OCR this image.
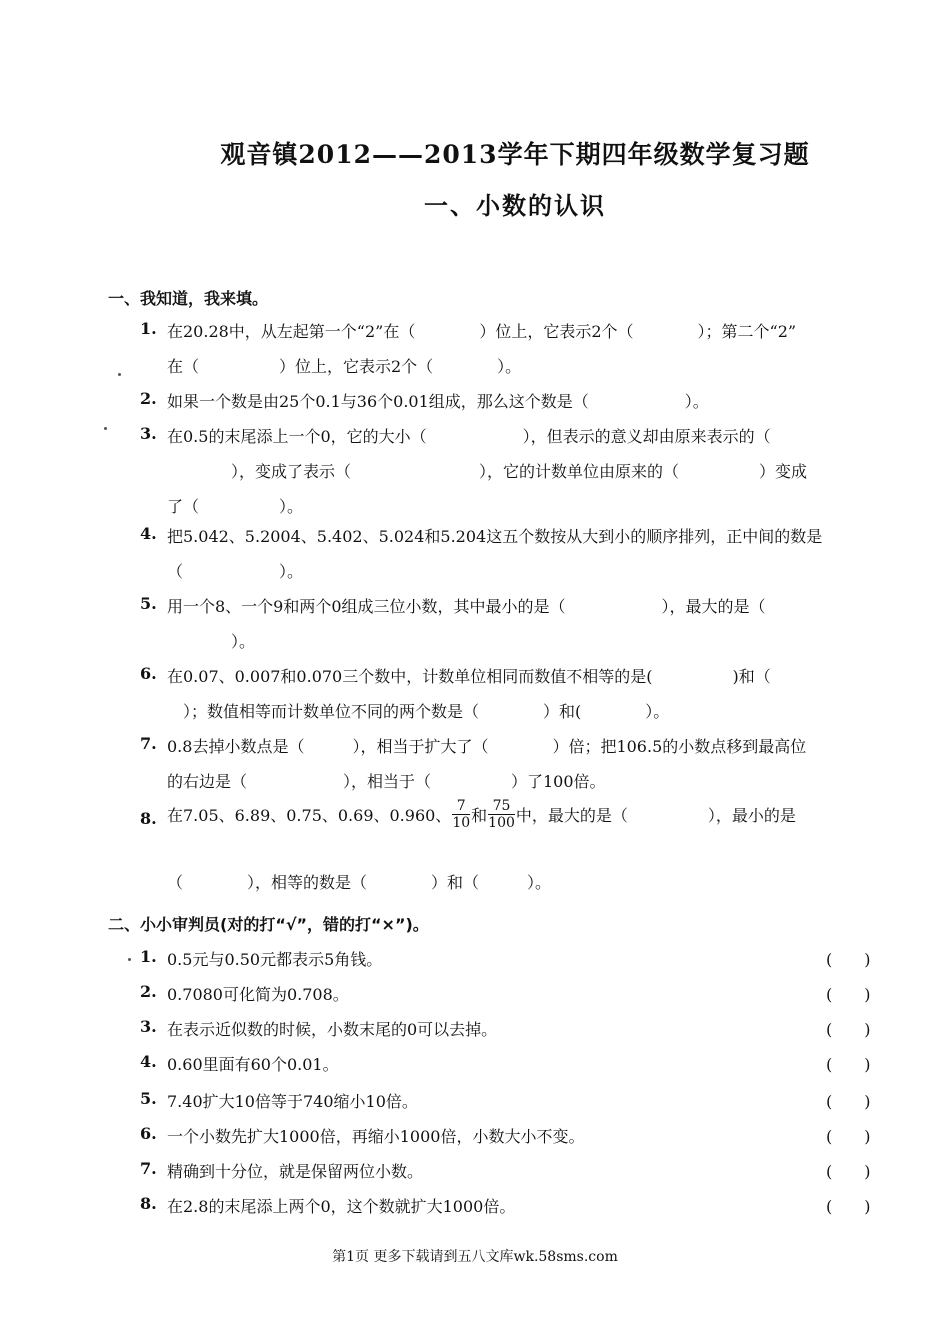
观音镇2012——2013学年下期四年级数学复习题
一、小数的认识
一、我知道，我来填。
1. 在20.28中，从左起第一个“2”在（　　　　）位上，它表示2个（　　　　）；第二个“2”
在（　　　　　）位上，它表示2个（　　　　）。
2. 如果一个数是由25个0.1与36个0.01组成，那么这个数是（　　　　　　）。
3. 在0.5的末尾添上一个0，它的大小（　　　　　　），但表示的意义却由原来表示的（
　　　　），变成了表示（　　　　　　　　），它的计数单位由原来的（　　　　　）变成
了（　　　　　）。
4. 把5.042、5.2004、5.402、5.024和5.204这五个数按从大到小的顺序排列，正中间的数是
（　　　　　　）。
5. 用一个8、一个9和两个0组成三位小数，其中最小的是（　　　　　　），最大的是（
　　　　）。
6. 在0.07、0.007和0.070三个数中，计数单位相同而数值不相等的是(　　　　　)和（
　）；数值相等而计数单位不同的两个数是（　　　　）和(　　　　）。
7. 0.8去掉小数点是（　　　），相当于扩大了（　　　　）倍；把106.5的小数点移到最高位
的右边是（　　　　　　），相当于（　　　　　）了100倍。
8. 在7.05、6.89、0.75、0.69、0.960、 $\frac{7}{10}$ 和 $\frac{75}{100}$ 中，最大的是（　　　　　），最小的是
（　　　　），相等的数是（　　　　）和（　　　）。
二、小小审判员(对的打“√”，错的打“×”)。
1. 0.5元与0.50元都表示5角钱。	(　　)
2. 0.7080可化简为0.708。	(　　)
3. 在表示近似数的时候，小数末尾的0可以去掉。	(　　)
4. 0.60里面有60个0.01。	(　　)
5. 7.40扩大10倍等于740缩小10倍。	(　　)
6. 一个小数先扩大1000倍，再缩小1000倍，小数大小不变。	(　　)
7. 精确到十分位，就是保留两位小数。	(　　)
8. 在2.8的末尾添上两个0，这个数就扩大1000倍。	(　　)
第1页 更多下载请到五八文库wk.58sms.com
